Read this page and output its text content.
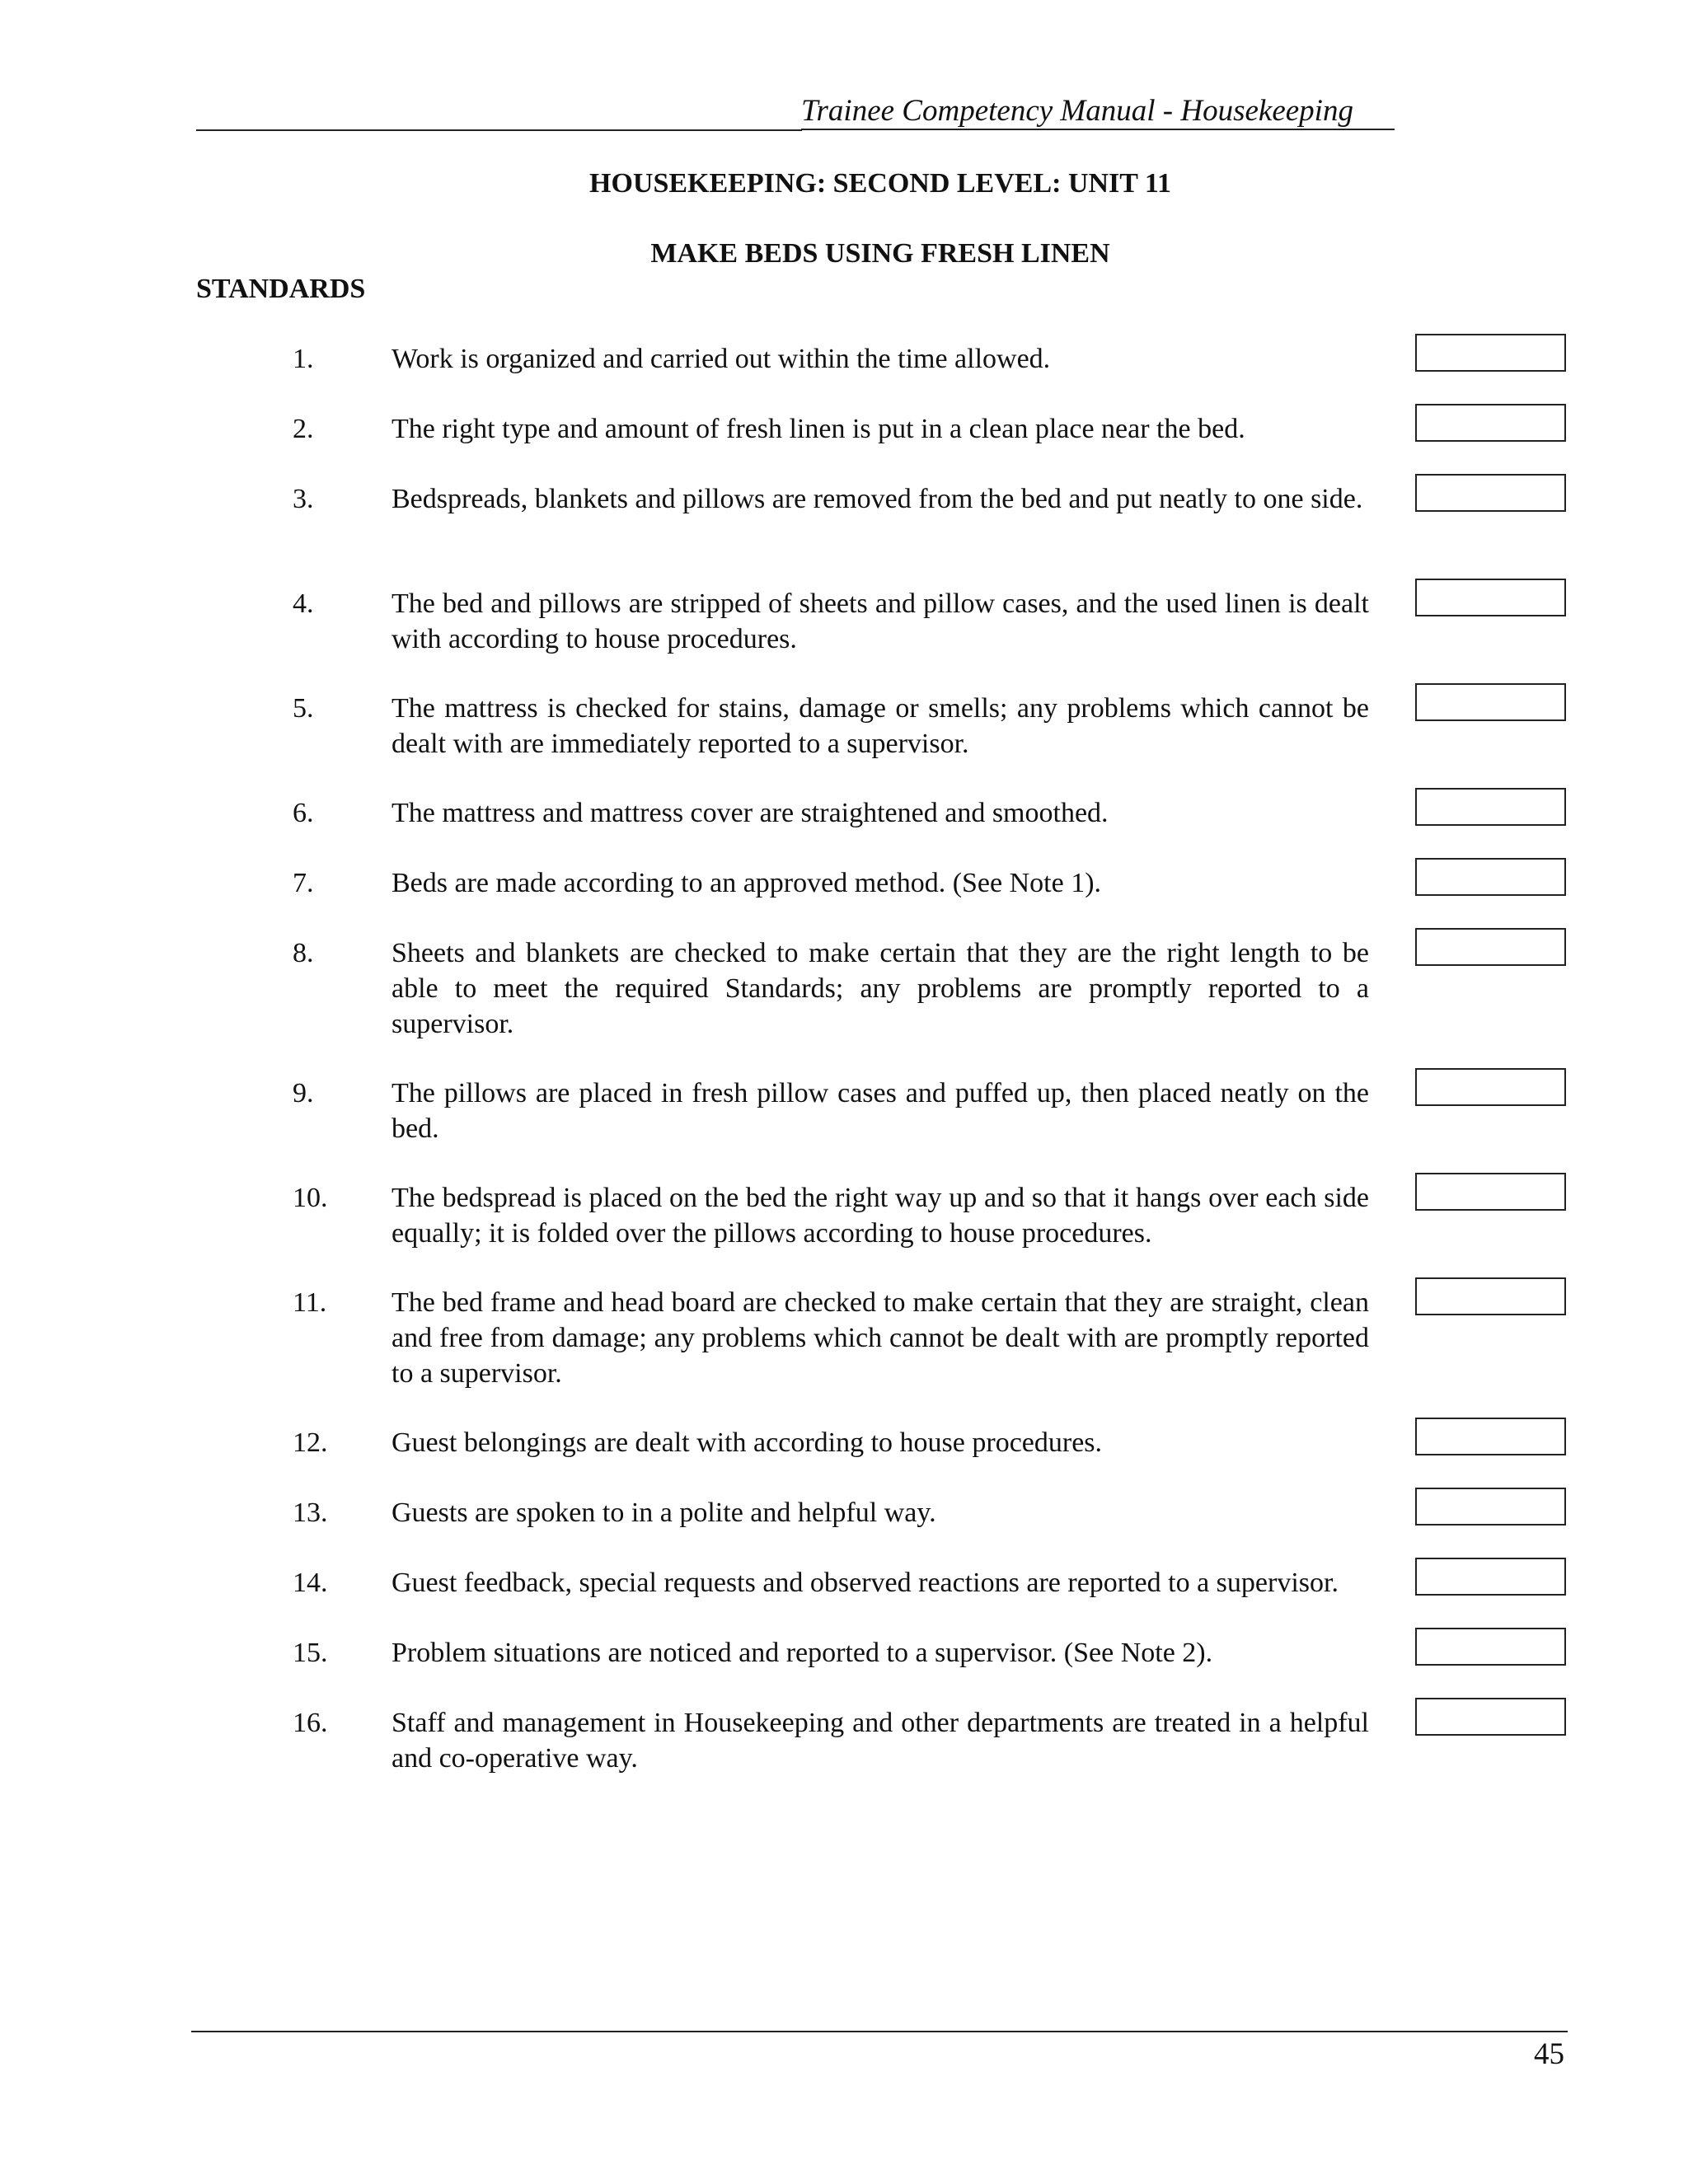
Trainee Competency Manual - Housekeeping
HOUSEKEEPING: SECOND LEVEL: UNIT 11
MAKE BEDS USING FRESH LINEN
STANDARDS
1.	Work is organized and carried out within the time allowed.
2.	The right type and amount of fresh linen is put in a clean place near the bed.
3.	Bedspreads, blankets and pillows are removed from the bed and put neatly to one side.
4.	The bed and pillows are stripped of sheets and pillow cases, and the used linen is dealt with according to house procedures.
5.	The mattress is checked for stains, damage or smells; any problems which cannot be dealt with are immediately reported to a supervisor.
6.	The mattress and mattress cover are straightened and smoothed.
7.	Beds are made according to an approved method. (See Note 1).
8.	Sheets and blankets are checked to make certain that they are the right length to be able to meet the required Standards; any problems are promptly reported to a supervisor.
9.	The pillows are placed in fresh pillow cases and puffed up, then placed neatly on the bed.
10. The bedspread is placed on the bed the right way up and so that it hangs over each side equally; it is folded over the pillows according to house procedures.
11. The bed frame and head board are checked to make certain that they are straight, clean and free from damage; any problems which cannot be dealt with are promptly reported to a supervisor.
12. Guest belongings are dealt with according to house procedures.
13. Guests are spoken to in a polite and helpful way.
14. Guest feedback, special requests and observed reactions are reported to a supervisor.
15. Problem situations are noticed and reported to a supervisor. (See Note 2).
16. Staff and management in Housekeeping and other departments are treated in a helpful and co-operative way.
45
